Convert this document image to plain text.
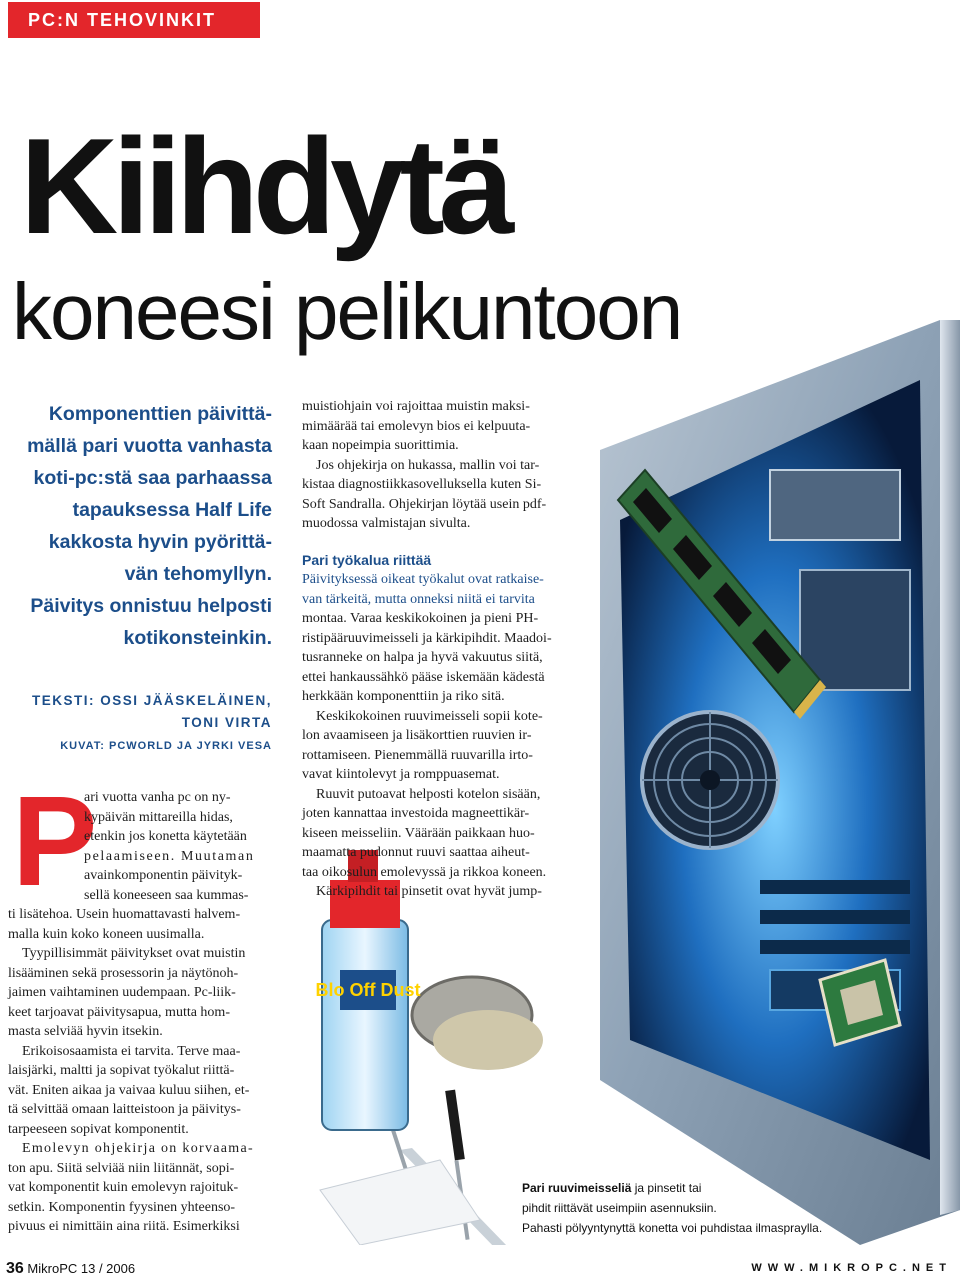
PC:N TEHOVINKIT
Kiihdytä
koneesi pelikuntoon
Komponenttien päivittä-
mällä pari vuotta vanhasta
koti-pc:stä saa parhaassa
tapauksessa Half Life
kakkosta hyvin pyörittä-
vän tehomyllyn.
Päivitys onnistuu helposti
kotikonsteinkin.
TEKSTI: OSSI JÄÄSKELÄINEN,
TONI VIRTA
KUVAT: PCWORLD JA JYRKI VESA
P
ari vuotta vanha pc on ny-
kypäivän mittareilla hidas,
etenkin jos konetta käytetään
pelaamiseen. Muutaman
avainkomponentin päivityk-
sellä koneeseen saa kummas-
ti lisätehoa. Usein huomattavasti halvem-
malla kuin koko koneen uusimalla.
Tyypillisimmät päivitykset ovat muistin
lisääminen sekä prosessorin ja näytönoh-
jaimen vaihtaminen uudempaan. Pc-liik-
keet tarjoavat päivitysapua, mutta hom-
masta selviää hyvin itsekin.
Erikoisosaamista ei tarvita. Terve maa-
laisjärki, maltti ja sopivat työkalut riittä-
vät. Eniten aikaa ja vaivaa kuluu siihen, et-
tä selvittää omaan laitteistoon ja päivitys-
tarpeeseen sopivat komponentit.
Emolevyn ohjekirja on korvaama-
ton apu. Siitä selviää niin liitännät, sopi-
vat komponentit kuin emolevyn rajoituk-
setkin. Komponentin fyysinen yhteenso-
pivuus ei nimittäin aina riitä. Esimerkiksi
Blo Off Dust
muistiohjain voi rajoittaa muistin maksi-
mimäärää tai emolevyn bios ei kelpuuta-
kaan nopeimpia suorittimia.
Jos ohjekirja on hukassa, mallin voi tar-
kistaa diagnostiikkasovelluksella kuten Si-
Soft Sandralla. Ohjekirjan löytää usein pdf-
muodossa valmistajan sivulta.
Pari työkalua riittää
Päivityksessä oikeat työkalut ovat ratkaise-
van tärkeitä, mutta onneksi niitä ei tarvita
montaa. Varaa keskikokoinen ja pieni PH-
ristipääruuvimeisseli ja kärkipihdit. Maadoi-
tusranneke on halpa ja hyvä vakuutus siitä,
ettei hankaussähkö pääse iskemään kädestä
herkkään komponenttiin ja riko sitä.
Keskikokoinen ruuvimeisseli sopii kote-
lon avaamiseen ja lisäkorttien ruuvien ir-
rottamiseen. Pienemmällä ruuvarilla irto-
vavat kiintolevyt ja romppuasemat.
Ruuvit putoavat helposti kotelon sisään,
joten kannattaa investoida magneettikär-
kiseen meisseliin. Väärään paikkaan huo-
maamatta pudonnut ruuvi saattaa aiheut-
taa oikosulun emolevyssä ja rikkoa koneen.
Kärkipihdit tai pinsetit ovat hyvät jump-
Pari ruuvimeisseliä ja pinsetit tai
pihdit riittävät useimpiin asennuksiin.
Pahasti pölyyntynyttä konetta voi puhdistaa ilmaspraylla.
36 MikroPC 13 / 2006	WWW.MIKROPC.NET
